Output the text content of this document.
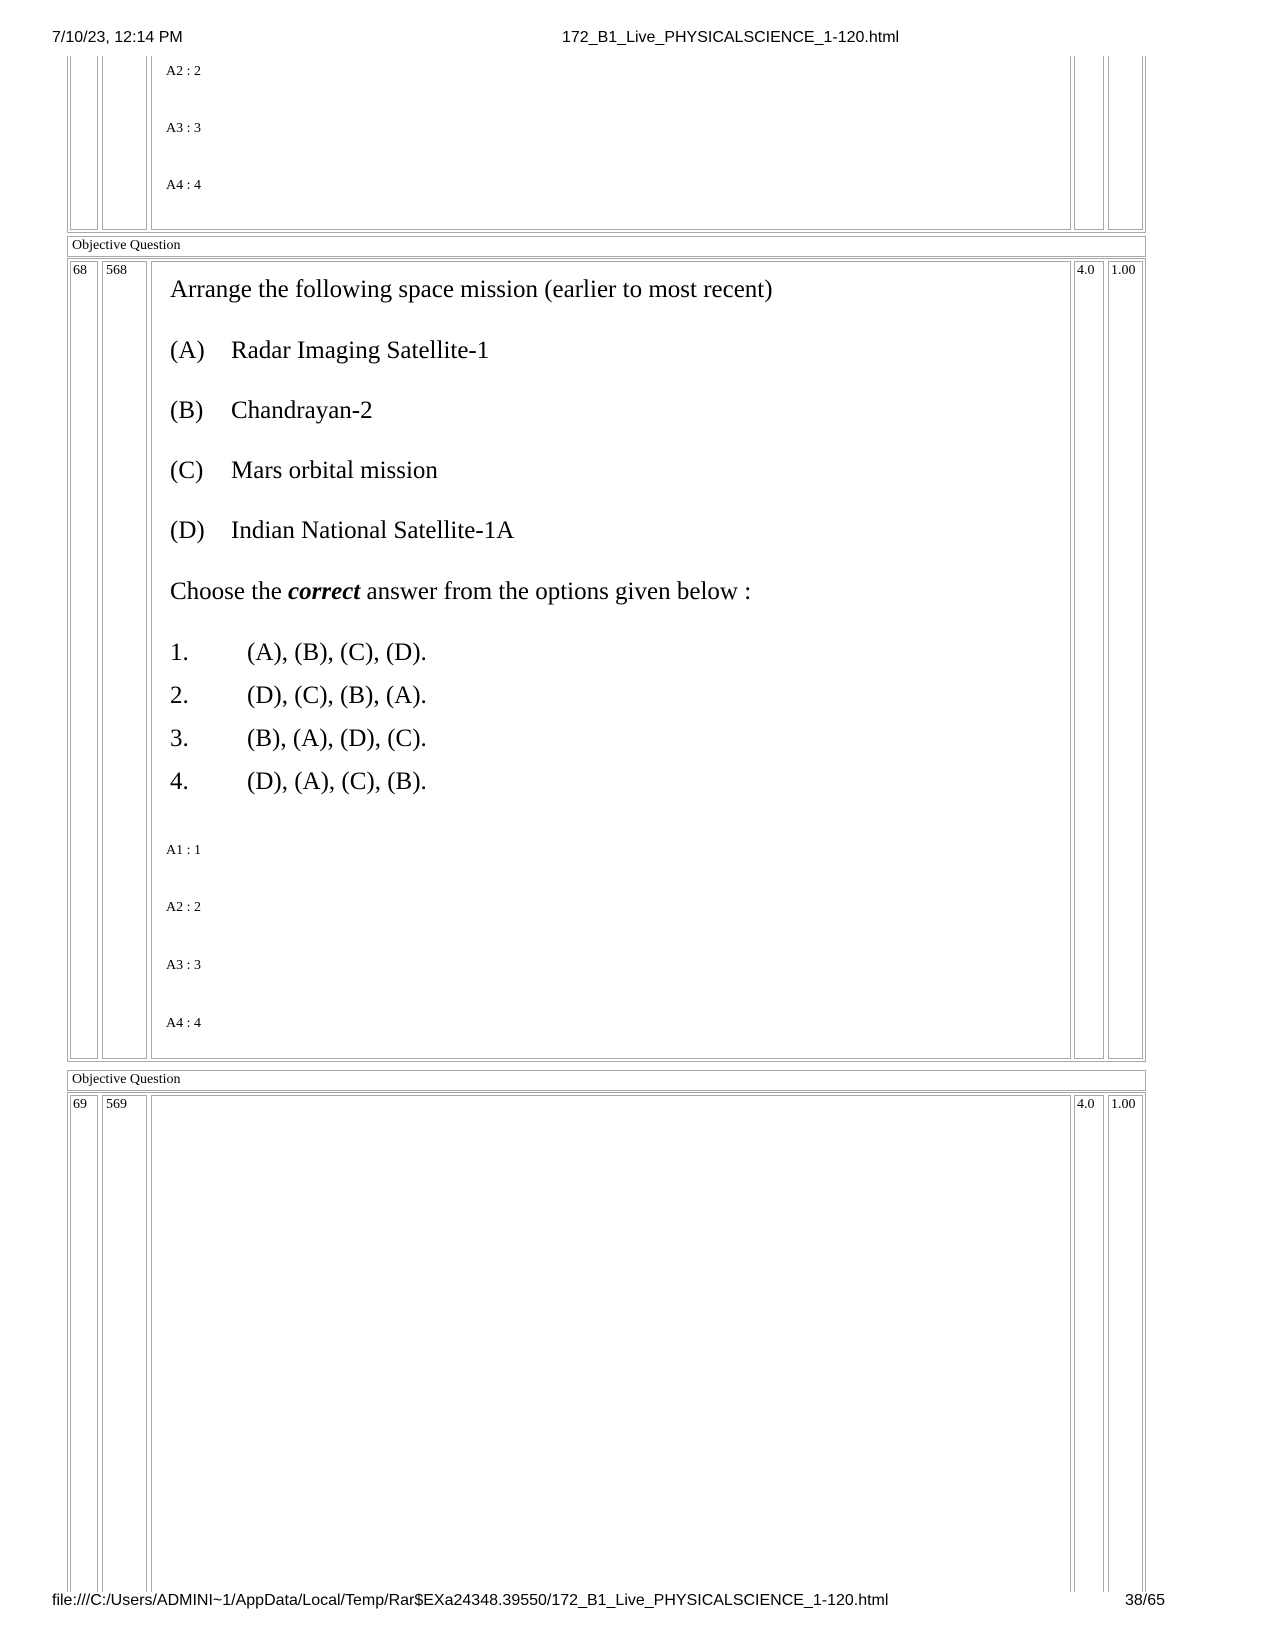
7/10/23, 12:14 PM	172_B1_Live_PHYSICALSCIENCE_1-120.html
A2 : 2
A3 : 3
A4 : 4
Objective Question
68 568	4.0 1.00
Arrange the following space mission (earlier to most recent)
(A) Radar Imaging Satellite-1
(B) Chandrayan-2
(C) Mars orbital mission
(D) Indian National Satellite-1A
Choose the correct answer from the options given below :
1. (A), (B), (C), (D).
2. (D), (C), (B), (A).
3. (B), (A), (D), (C).
4. (D), (A), (C), (B).
A1 : 1
A2 : 2
A3 : 3
A4 : 4
Objective Question
69 569	4.0 1.00
file:///C:/Users/ADMINI~1/AppData/Local/Temp/Rar$EXa24348.39550/172_B1_Live_PHYSICALSCIENCE_1-120.html	38/65
